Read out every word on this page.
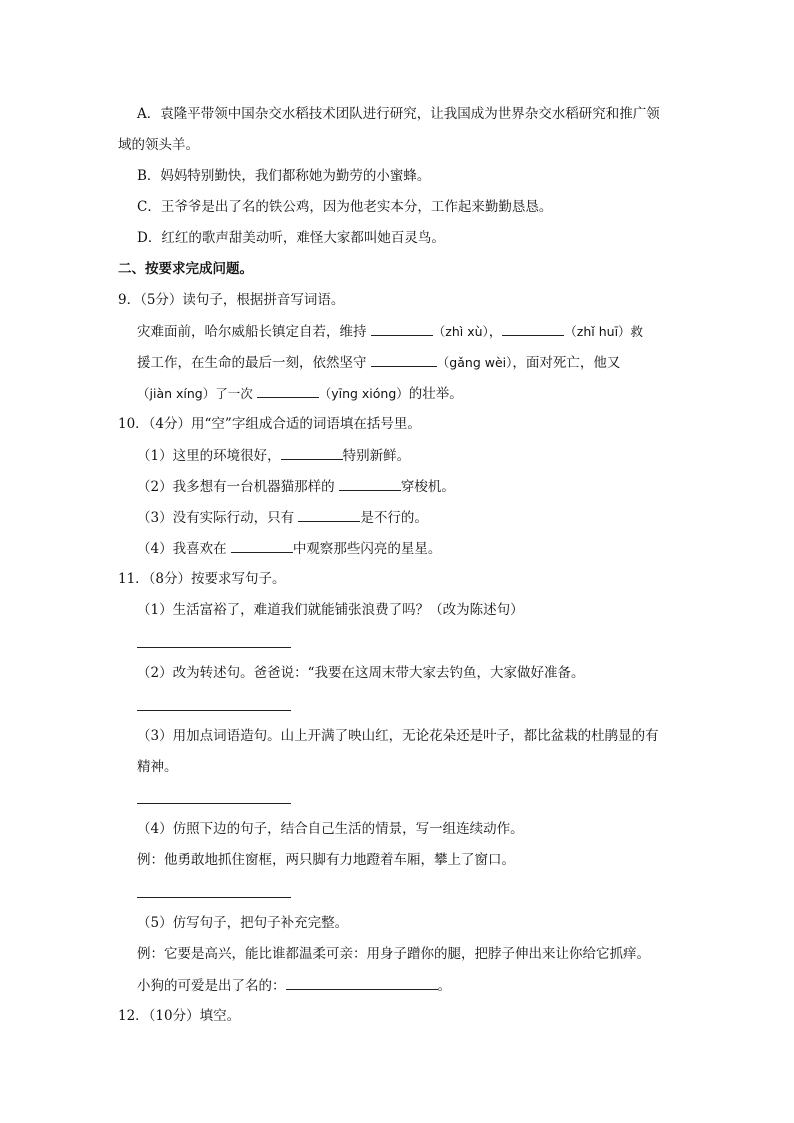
A．袁隆平带领中国杂交水稻技术团队进行研究，让我国成为世界杂交水稻研究和推广领
域的领头羊。
B．妈妈特别勤快，我们都称她为勤劳的小蜜蜂。
C．王爷爷是出了名的铁公鸡，因为他老实本分，工作起来勤勤恳恳。
D．红红的歌声甜美动听，难怪大家都叫她百灵鸟。
二、按要求完成问题。
9．（5分）读句子，根据拼音写词语。
灾难面前，哈尔威船长镇定自若，维持	（zhì xù），	（zhǐ huī）救
援工作，在生命的最后一刻，依然坚守	（gǎng wèi），面对死亡，他又
（jiàn xíng）了一次	（yīng xióng）的壮举。
10．（4分）用“空”字组成合适的词语填在括号里。
（1）这里的环境很好，	特别新鲜。
（2）我多想有一台机器猫那样的	穿梭机。
（3）没有实际行动，只有	是不行的。
（4）我喜欢在	中观察那些闪亮的星星。
11．（8分）按要求写句子。
（1）生活富裕了，难道我们就能铺张浪费了吗？（改为陈述句）
（2）改为转述句。爸爸说：“我要在这周末带大家去钓鱼，大家做好准备。
（3）用加点词语造句。山上开满了映山红，无论花朵还是叶子，都比盆栽的杜鹃显的有
精神。
（4）仿照下边的句子，结合自己生活的情景，写一组连续动作。
例：他勇敢地抓住窗框，两只脚有力地蹬着车厢，攀上了窗口。
（5）仿写句子，把句子补充完整。
例：它要是高兴，能比谁都温柔可亲：用身子蹭你的腿，把脖子伸出来让你给它抓痒。
小狗的可爱是出了名的：	。
12．（10分）填空。
